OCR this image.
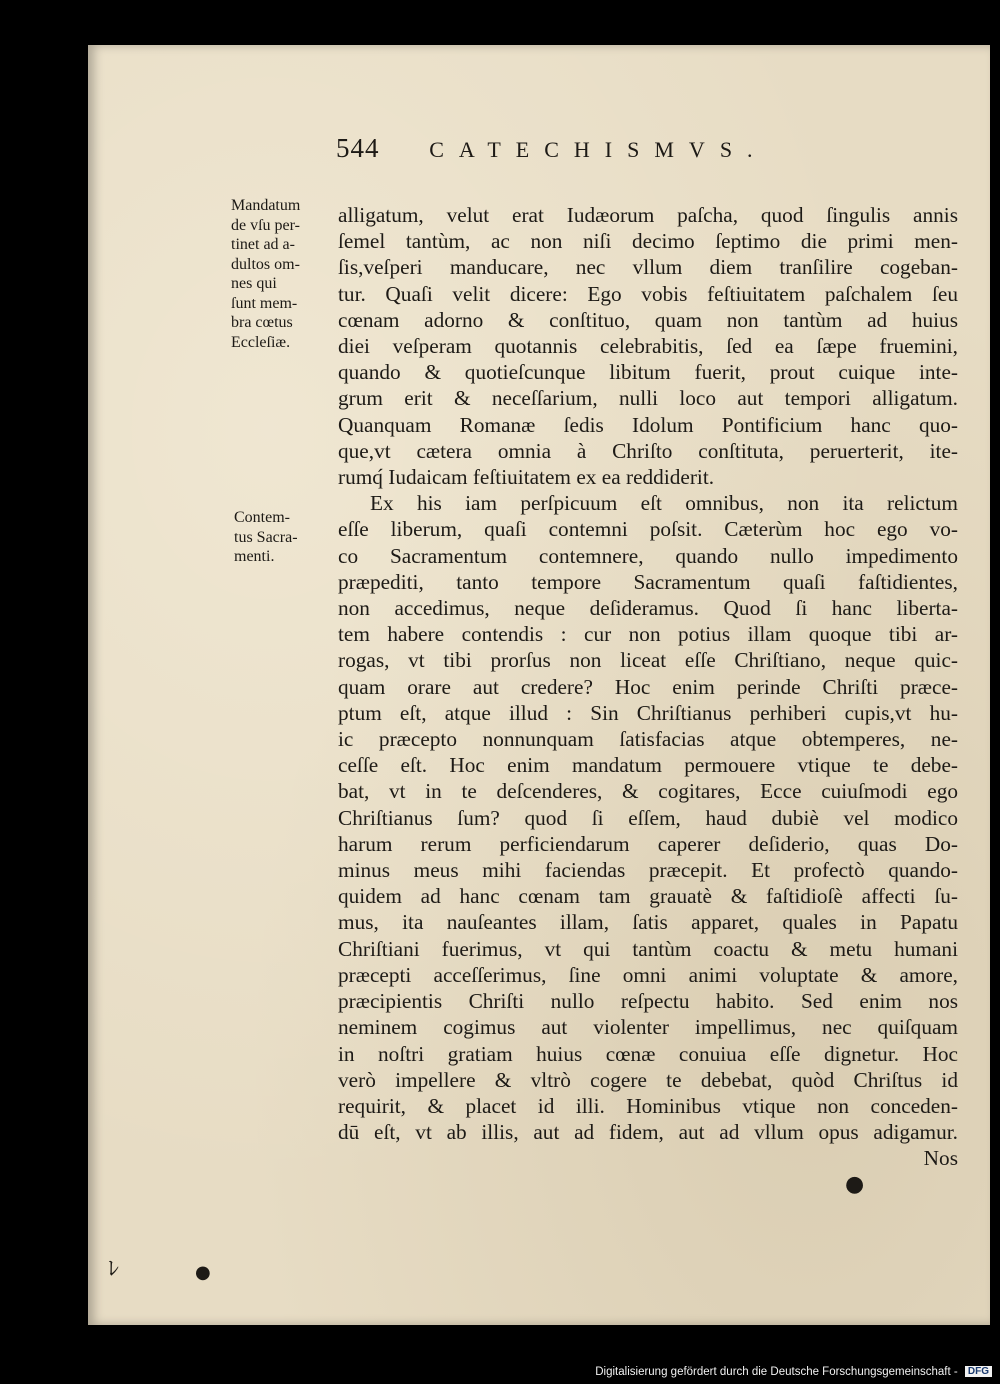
544 CATECHISMVS.
Mandatum
de vſu per-
tinet ad a-
dultos om-
nes qui
ſunt mem-
bra cœtus
Eccleſiæ.
Contem-
tus Sacra-
menti.
alligatum, velut erat Iudæorum paſcha, quod ſingulis annis
ſemel tantùm, ac non niſi decimo ſeptimo die primi men-
ſis,veſperi manducare, nec vllum diem tranſilire cogeban-
tur. Quaſi velit dicere: Ego vobis feſtiuitatem paſchalem ſeu
cœnam adorno & conſtituo, quam non tantùm ad huius
diei veſperam quotannis celebrabitis, ſed ea ſæpe fruemini,
quando & quotieſcunque libitum fuerit, prout cuique inte-
grum erit & neceſſarium, nulli loco aut tempori alligatum.
Quanquam Romanæ ſedis Idolum Pontificium hanc quo-
que,vt cætera omnia à Chriſto conſtituta, peruerterit, ite-
rumq́ Iudaicam feſtiuitatem ex ea reddiderit.
Ex his iam perſpicuum eſt omnibus, non ita relictum
eſſe liberum, quaſi contemni poſsit. Cæterùm hoc ego vo-
co Sacramentum contemnere, quando nullo impedimento
præpediti, tanto tempore Sacramentum quaſi faſtidientes,
non accedimus, neque deſideramus. Quod ſi hanc liberta-
tem habere contendis : cur non potius illam quoque tibi ar-
rogas, vt tibi prorſus non liceat eſſe Chriſtiano, neque quic-
quam orare aut credere? Hoc enim perinde Chriſti præce-
ptum eſt, atque illud : Sin Chriſtianus perhiberi cupis,vt hu-
ic præcepto nonnunquam ſatisfacias atque obtemperes, ne-
ceſſe eſt. Hoc enim mandatum permouere vtique te debe-
bat, vt in te deſcenderes, & cogitares, Ecce cuiuſmodi ego
Chriſtianus ſum? quod ſi eſſem, haud dubiè vel modico
harum rerum perficiendarum caperer deſiderio, quas Do-
minus meus mihi faciendas præcepit. Et profectò quando-
quidem ad hanc cœnam tam grauatè & faſtidioſè affecti ſu-
mus, ita nauſeantes illam, ſatis apparet, quales in Papatu
Chriſtiani fuerimus, vt qui tantùm coactu & metu humani
præcepti acceſſerimus, ſine omni animi voluptate & amore,
præcipientis Chriſti nullo reſpectu habito. Sed enim nos
neminem cogimus aut violenter impellimus, nec quiſquam
in noſtri gratiam huius cœnæ conuiua eſſe dignetur. Hoc
verò impellere & vltrò cogere te debebat, quòd Chriſtus id
requirit, & placet id illi. Hominibus vtique non conceden-
dū eſt, vt ab illis, aut ad fidem, aut ad vllum opus adigamur.
Nos
●
●
ﾚ
Digitalisierung gefördert durch die Deutsche Forschungsgemeinschaft - DFG
